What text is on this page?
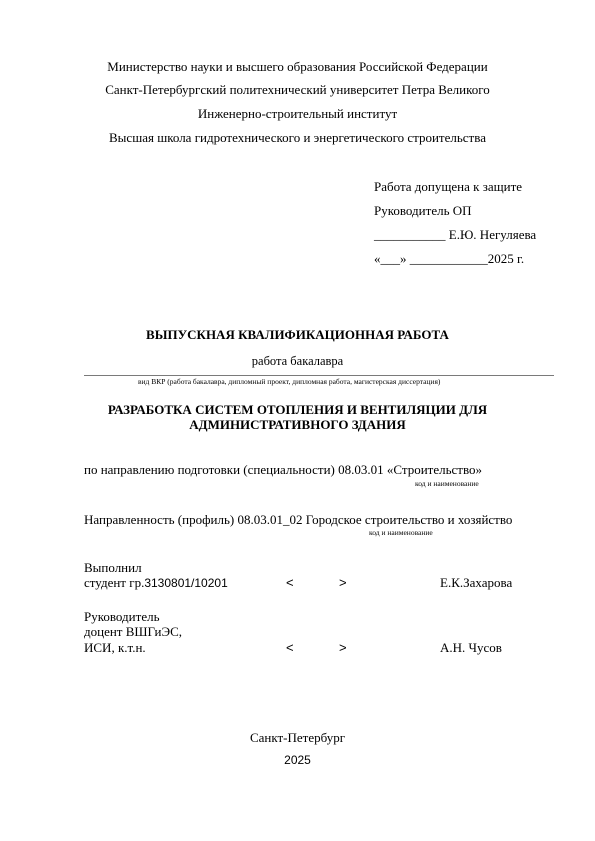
Министерство науки и высшего образования Российской Федерации
Санкт-Петербургский политехнический университет Петра Великого
Инженерно-строительный институт
Высшая школа гидротехнического и энергетического строительства
Работа допущена к защите
Руководитель ОП
___________ Е.Ю. Негуляева
«___» ____________2025 г.
ВЫПУСКНАЯ КВАЛИФИКАЦИОННАЯ РАБОТА
работа бакалавра
вид ВКР (работа бакалавра, дипломный проект, дипломная работа, магистерская диссертация)
РАЗРАБОТКА СИСТЕМ ОТОПЛЕНИЯ И ВЕНТИЛЯЦИИ ДЛЯ
АДМИНИСТРАТИВНОГО ЗДАНИЯ
по направлению подготовки (специальности) 08.03.01 «Строительство»
код и наименование
Направленность (профиль) 08.03.01_02 Городское строительство и хозяйство
код и наименование
Выполнил
студент гр.3130801/10201	<	>	Е.К.Захарова
Руководитель
доцент ВШГиЭС,
ИСИ, к.т.н.	<	>	А.Н. Чусов
Санкт-Петербург
2025
